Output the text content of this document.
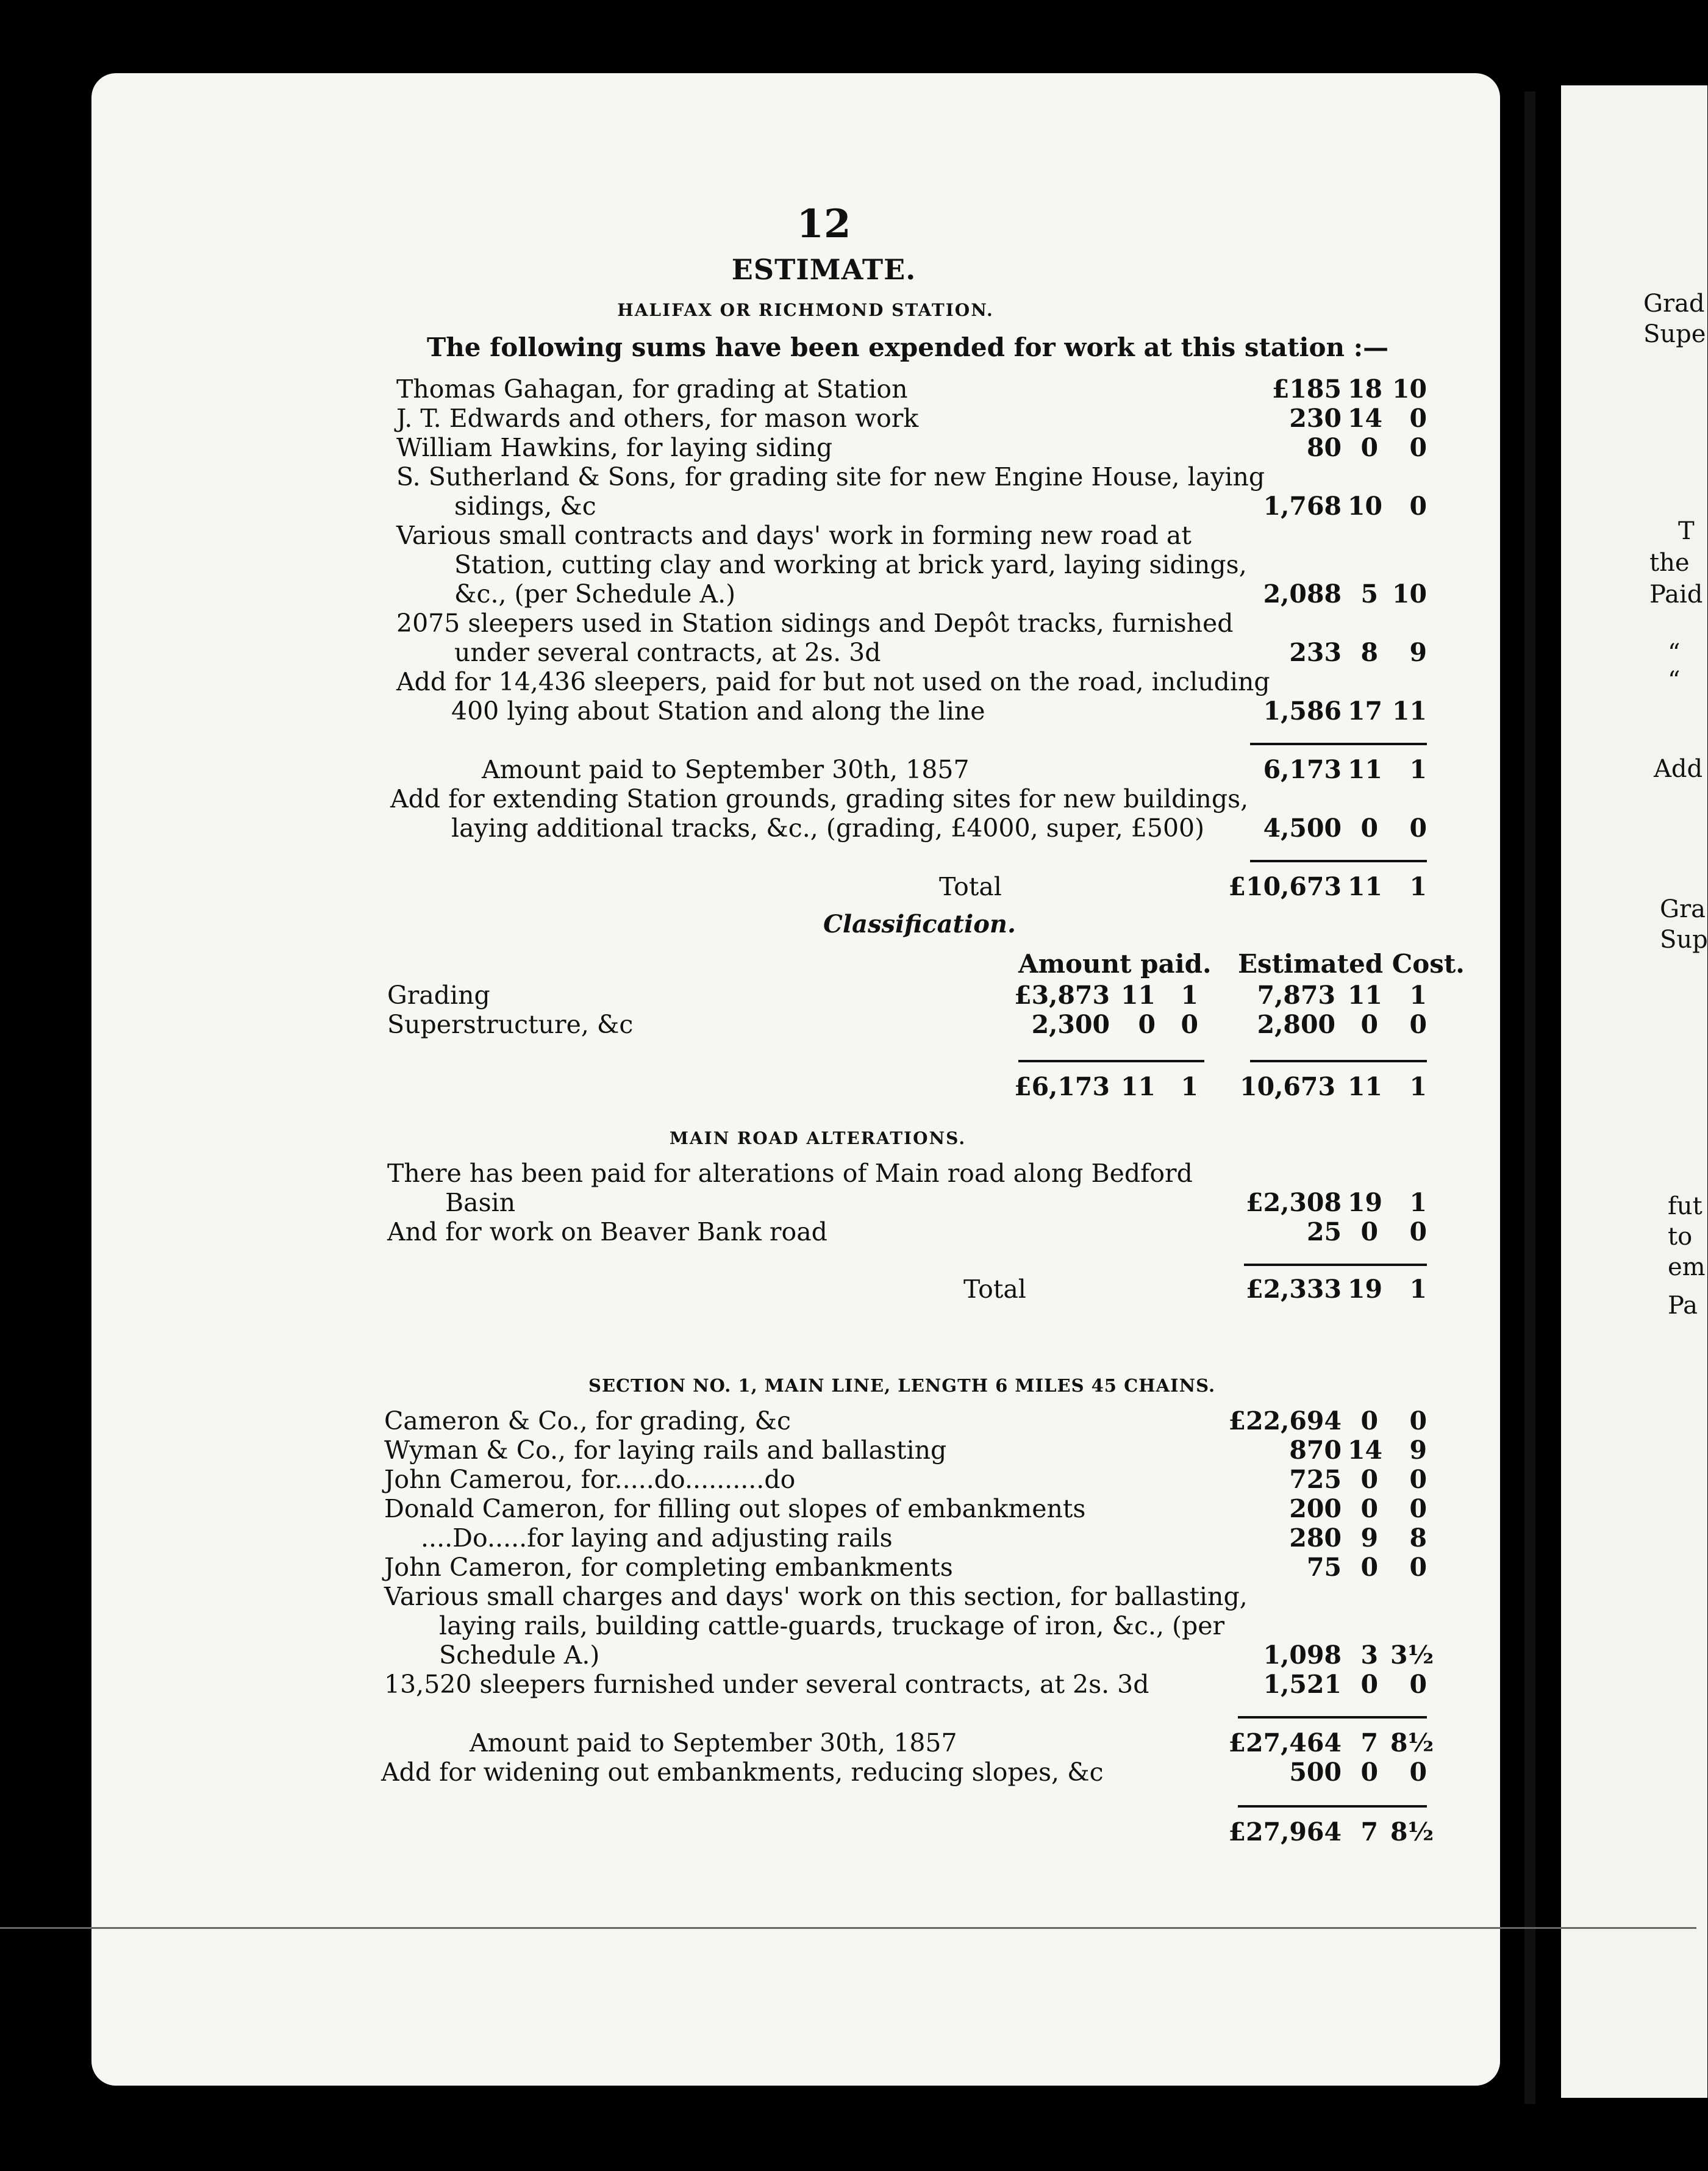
Grad
Supe
T
the
Paid
“
“
Add
Gra
Sup
fut
to
em
Pa
12
ESTIMATE.
HALIFAX OR RICHMOND STATION.
The following sums have been expended for work at this station :—
Thomas Gahagan, for grading at Station	£185 18 10
J. T. Edwards and others, for mason work	230 14	0
William Hawkins, for laying siding	80 0	0
S. Sutherland & Sons, for grading site for new Engine House, laying
sidings, &c	1,768 10	0
Various small contracts and days' work in forming new road at
Station, cutting clay and working at brick yard, laying sidings,
&c., (per Schedule A.)	2,088 5 10
2075 sleepers used in Station sidings and Depôt tracks, furnished
under several contracts, at 2s. 3d	233 8	9
Add for 14,436 sleepers, paid for but not used on the road, including
400 lying about Station and along the line	1,586 17 11
Amount paid to September 30th, 1857	6,173 11	1
Add for extending Station grounds, grading sites for new buildings,
laying additional tracks, &c., (grading, £4000, super, £500)	4,500 0	0
Total	£10,673 11	1
Classification.
Amount paid. Estimated Cost.
Grading	£3,873 11	1	7,873 11	1
Superstructure, &c	2,300	0	0	2,800	0	0
£6,173 11	1	10,673 11	1
MAIN ROAD ALTERATIONS.
There has been paid for alterations of Main road along Bedford
Basin	£2,308 19	1
And for work on Beaver Bank road	25 0	0
Total	£2,333 19	1
SECTION NO. 1, MAIN LINE, LENGTH 6 MILES 45 CHAINS.
Cameron & Co., for grading, &c	£22,694 0	0
Wyman & Co., for laying rails and ballasting	870 14	9
John Camerou, for.....do..........do	725 0	0
Donald Cameron, for filling out slopes of embankments	200 0	0
....Do.....for laying and adjusting rails	280 9	8
John Cameron, for completing embankments	75 0	0
Various small charges and days' work on this section, for ballasting,
laying rails, building cattle-guards, truckage of iron, &c., (per
Schedule A.)	1,098 3 3½
13,520 sleepers furnished under several contracts, at 2s. 3d	1,521 0	0
Amount paid to September 30th, 1857	£27,464 7 8½
Add for widening out embankments, reducing slopes, &c	500 0	0
£27,964 7 8½
